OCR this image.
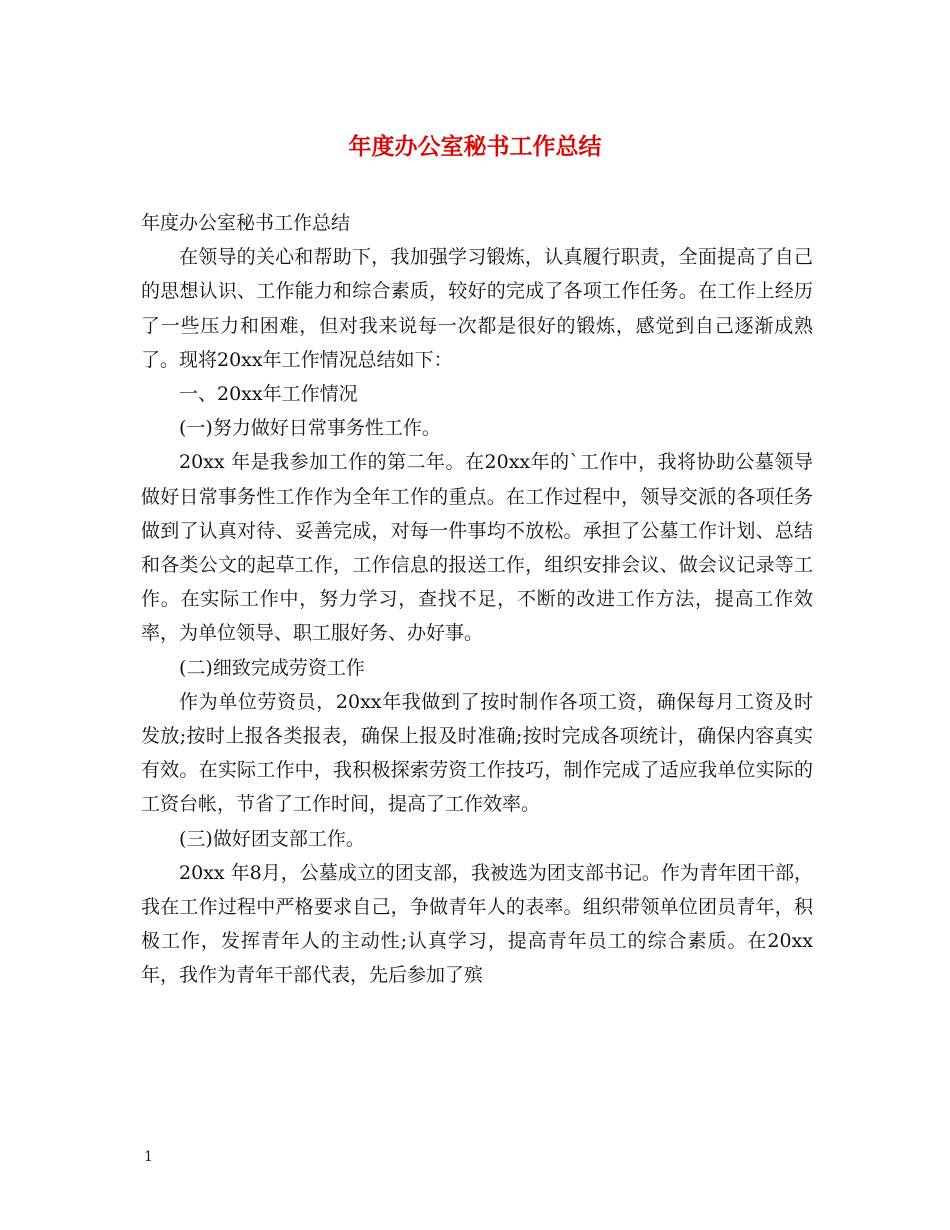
年度办公室秘书工作总结

年度办公室秘书工作总结

在领导的关心和帮助下，我加强学习锻炼，认真履行职责，全面提高了自己的思想认识、工作能力和综合素质，较好的完成了各项工作任务。在工作上经历了一些压力和困难，但对我来说每一次都是很好的锻炼，感觉到自己逐渐成熟了。现将20xx年工作情况总结如下：

一、20xx年工作情况

(一)努力做好日常事务性工作。

20xx 年是我参加工作的第二年。在20xx年的`工作中，我将协助公墓领导做好日常事务性工作作为全年工作的重点。在工作过程中，领导交派的各项任务做到了认真对待、妥善完成，对每一件事均不放松。承担了公墓工作计划、总结和各类公文的起草工作，工作信息的报送工作，组织安排会议、做会议记录等工作。在实际工作中，努力学习，查找不足，不断的改进工作方法，提高工作效率，为单位领导、职工服好务、办好事。

(二)细致完成劳资工作

作为单位劳资员，20xx年我做到了按时制作各项工资，确保每月工资及时发放;按时上报各类报表，确保上报及时准确;按时完成各项统计，确保内容真实有效。在实际工作中，我积极探索劳资工作技巧，制作完成了适应我单位实际的工资台帐，节省了工作时间，提高了工作效率。

(三)做好团支部工作。

20xx 年8月，公墓成立的团支部，我被选为团支部书记。作为青年团干部，我在工作过程中严格要求自己，争做青年人的表率。组织带领单位团员青年，积极工作，发挥青年人的主动性;认真学习，提高青年员工的综合素质。在20xx年，我作为青年干部代表，先后参加了殡

1
